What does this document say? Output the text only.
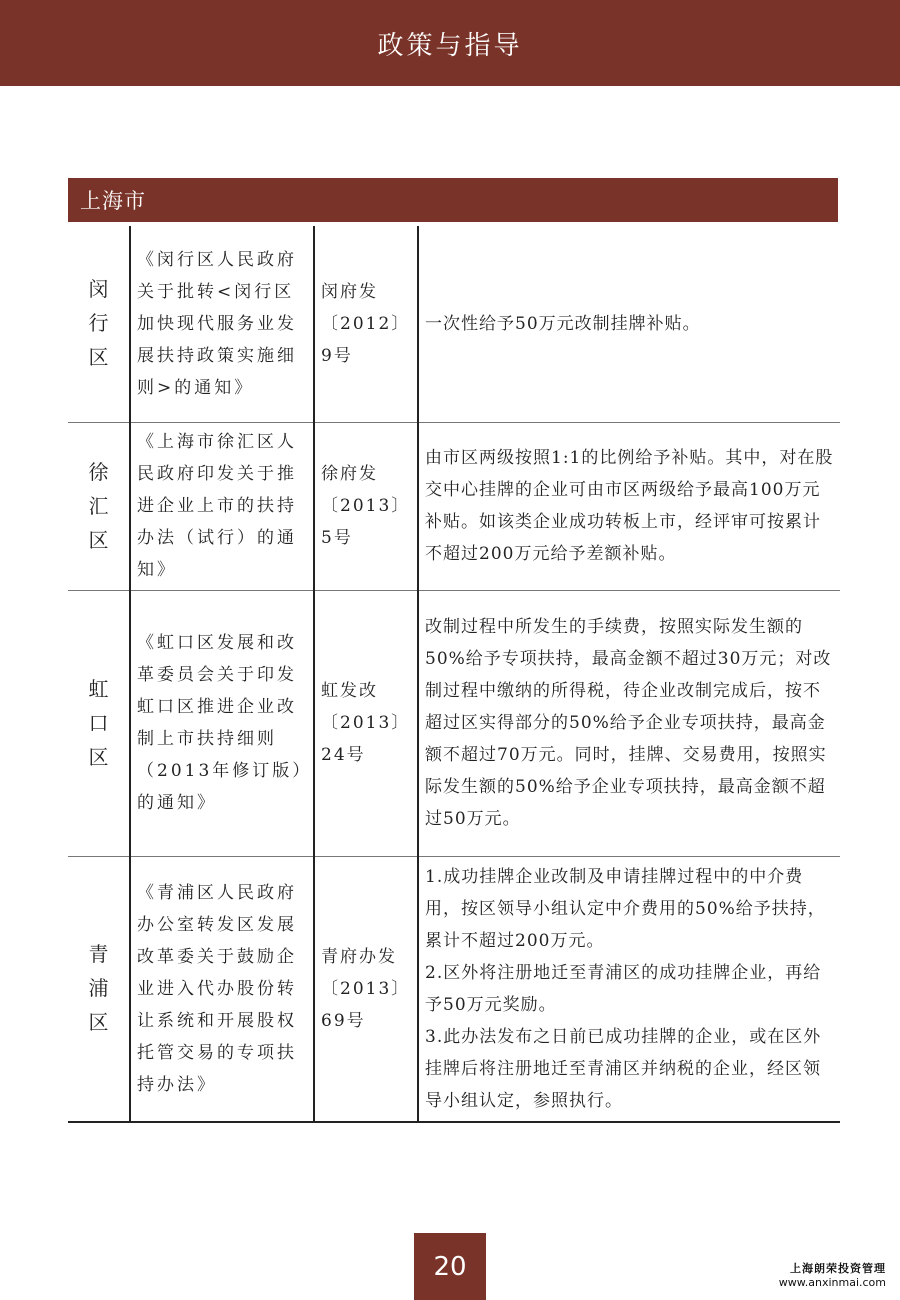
政策与指导
上海市
闵行区	《闵行区人民政府关于批转<闵行区加快现代服务业发展扶持政策实施细则>的通知》	闵府发〔2012〕9号	一次性给予50万元改制挂牌补贴。

徐汇区	《上海市徐汇区人民政府印发关于推进企业上市的扶持办法（试行）的通知》	徐府发〔2013〕5号	由市区两级按照1:1的比例给予补贴。其中，对在股交中心挂牌的企业可由市区两级给予最高100万元补贴。如该类企业成功转板上市，经评审可按累计不超过200万元给予差额补贴。

虹口区	《虹口区发展和改革委员会关于印发虹口区推进企业改制上市扶持细则（2013年修订版）的通知》	虹发改〔2013〕24号	改制过程中所发生的手续费，按照实际发生额的50%给予专项扶持，最高金额不超过30万元；对改制过程中缴纳的所得税，待企业改制完成后，按不超过区实得部分的50%给予企业专项扶持，最高金额不超过70万元。同时，挂牌、交易费用，按照实际发生额的50%给予企业专项扶持，最高金额不超过50万元。

青浦区	《青浦区人民政府办公室转发区发展改革委关于鼓励企业进入代办股份转让系统和开展股权托管交易的专项扶持办法》	青府办发〔2013〕69号	1.成功挂牌企业改制及申请挂牌过程中的中介费用，按区领导小组认定中介费用的50%给予扶持，累计不超过200万元。
2.区外将注册地迁至青浦区的成功挂牌企业，再给予50万元奖励。
3.此办法发布之日前已成功挂牌的企业，或在区外挂牌后将注册地迁至青浦区并纳税的企业，经区领导小组认定，参照执行。
20	上海朗荣投资管理
www.anxinmai.com
